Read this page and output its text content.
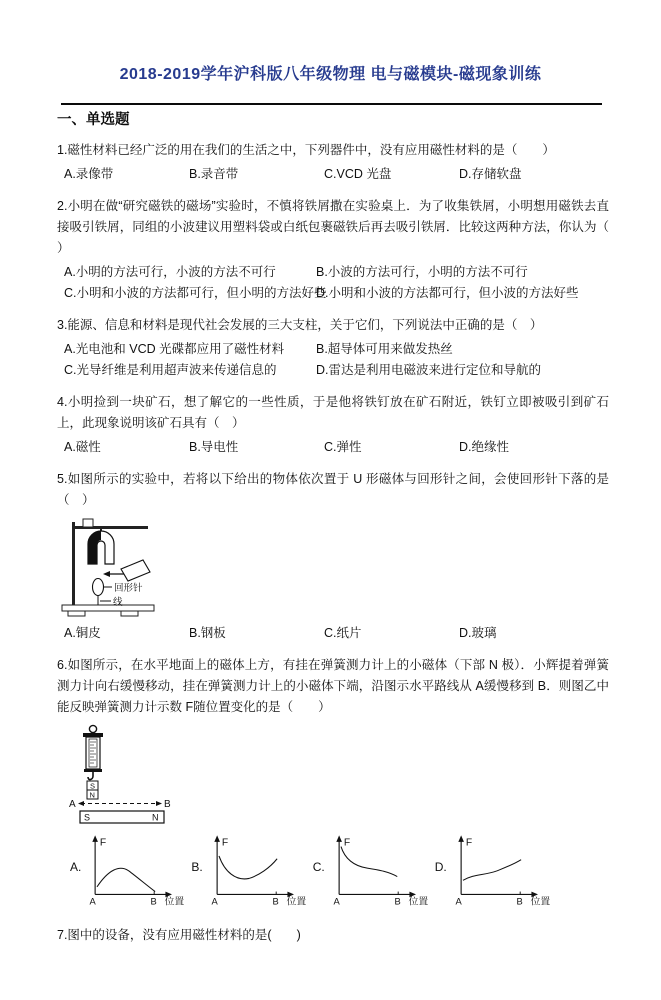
2018-2019学年沪科版八年级物理 电与磁模块-磁现象训练
一、单选题

1.磁性材料已经广泛的用在我们的生活之中，下列器件中，没有应用磁性材料的是（　　）

A.录像带	B.录音带	C.VCD 光盘	D.存储软盘

2.小明在做“研究磁铁的磁场”实验时，不慎将铁屑撒在实验桌上．为了收集铁屑，小明想用磁铁去直接吸引铁屑，同组的小波建议用塑料袋或白纸包裹磁铁后再去吸引铁屑．比较这两种方法，你认为（　　）

A.小明的方法可行，小波的方法不可行	B.小波的方法可行，小明的方法不可行
C.小明和小波的方法都可行，但小明的方法好些
D.小明和小波的方法都可行，但小波的方法好些

3.能源、信息和材料是现代社会发展的三大支柱，关于它们，下列说法中正确的是（　）

A.光电池和 VCD 光碟都应用了磁性材料	B.超导体可用来做发热丝
C.光导纤维是利用超声波来传递信息的	D.雷达是利用电磁波来进行定位和导航的

4.小明捡到一块矿石，想了解它的一些性质，于是他将铁钉放在矿石附近，铁钉立即被吸引到矿石上，此现象说明该矿石具有（　）

A.磁性	B.导电性	C.弹性	D.绝缘性

5.如图所示的实验中，若将以下给出的物体依次置于 U 形磁体与回形针之间，会使回形针下落的是（　）

回形针
线
A.铜皮	B.钢板	C.纸片	D.玻璃

6.如图所示，在水平地面上的磁体上方，有挂在弹簧测力计上的小磁体（下部 N 极）．小辉提着弹簧测力计向右缓慢移动，挂在弹簧测力计上的小磁体下端，沿图示水平路线从 A缓慢移到 B．则图乙中能反映弹簧测力计示数 F随位置变化的是（　　）

S
N
A	B
S	N
A.
F
A	B 位置
B.
F
A	B 位置
C.
F
A	B 位置
D.
F
A	B 位置

7.图中的设备，没有应用磁性材料的是(　　)
